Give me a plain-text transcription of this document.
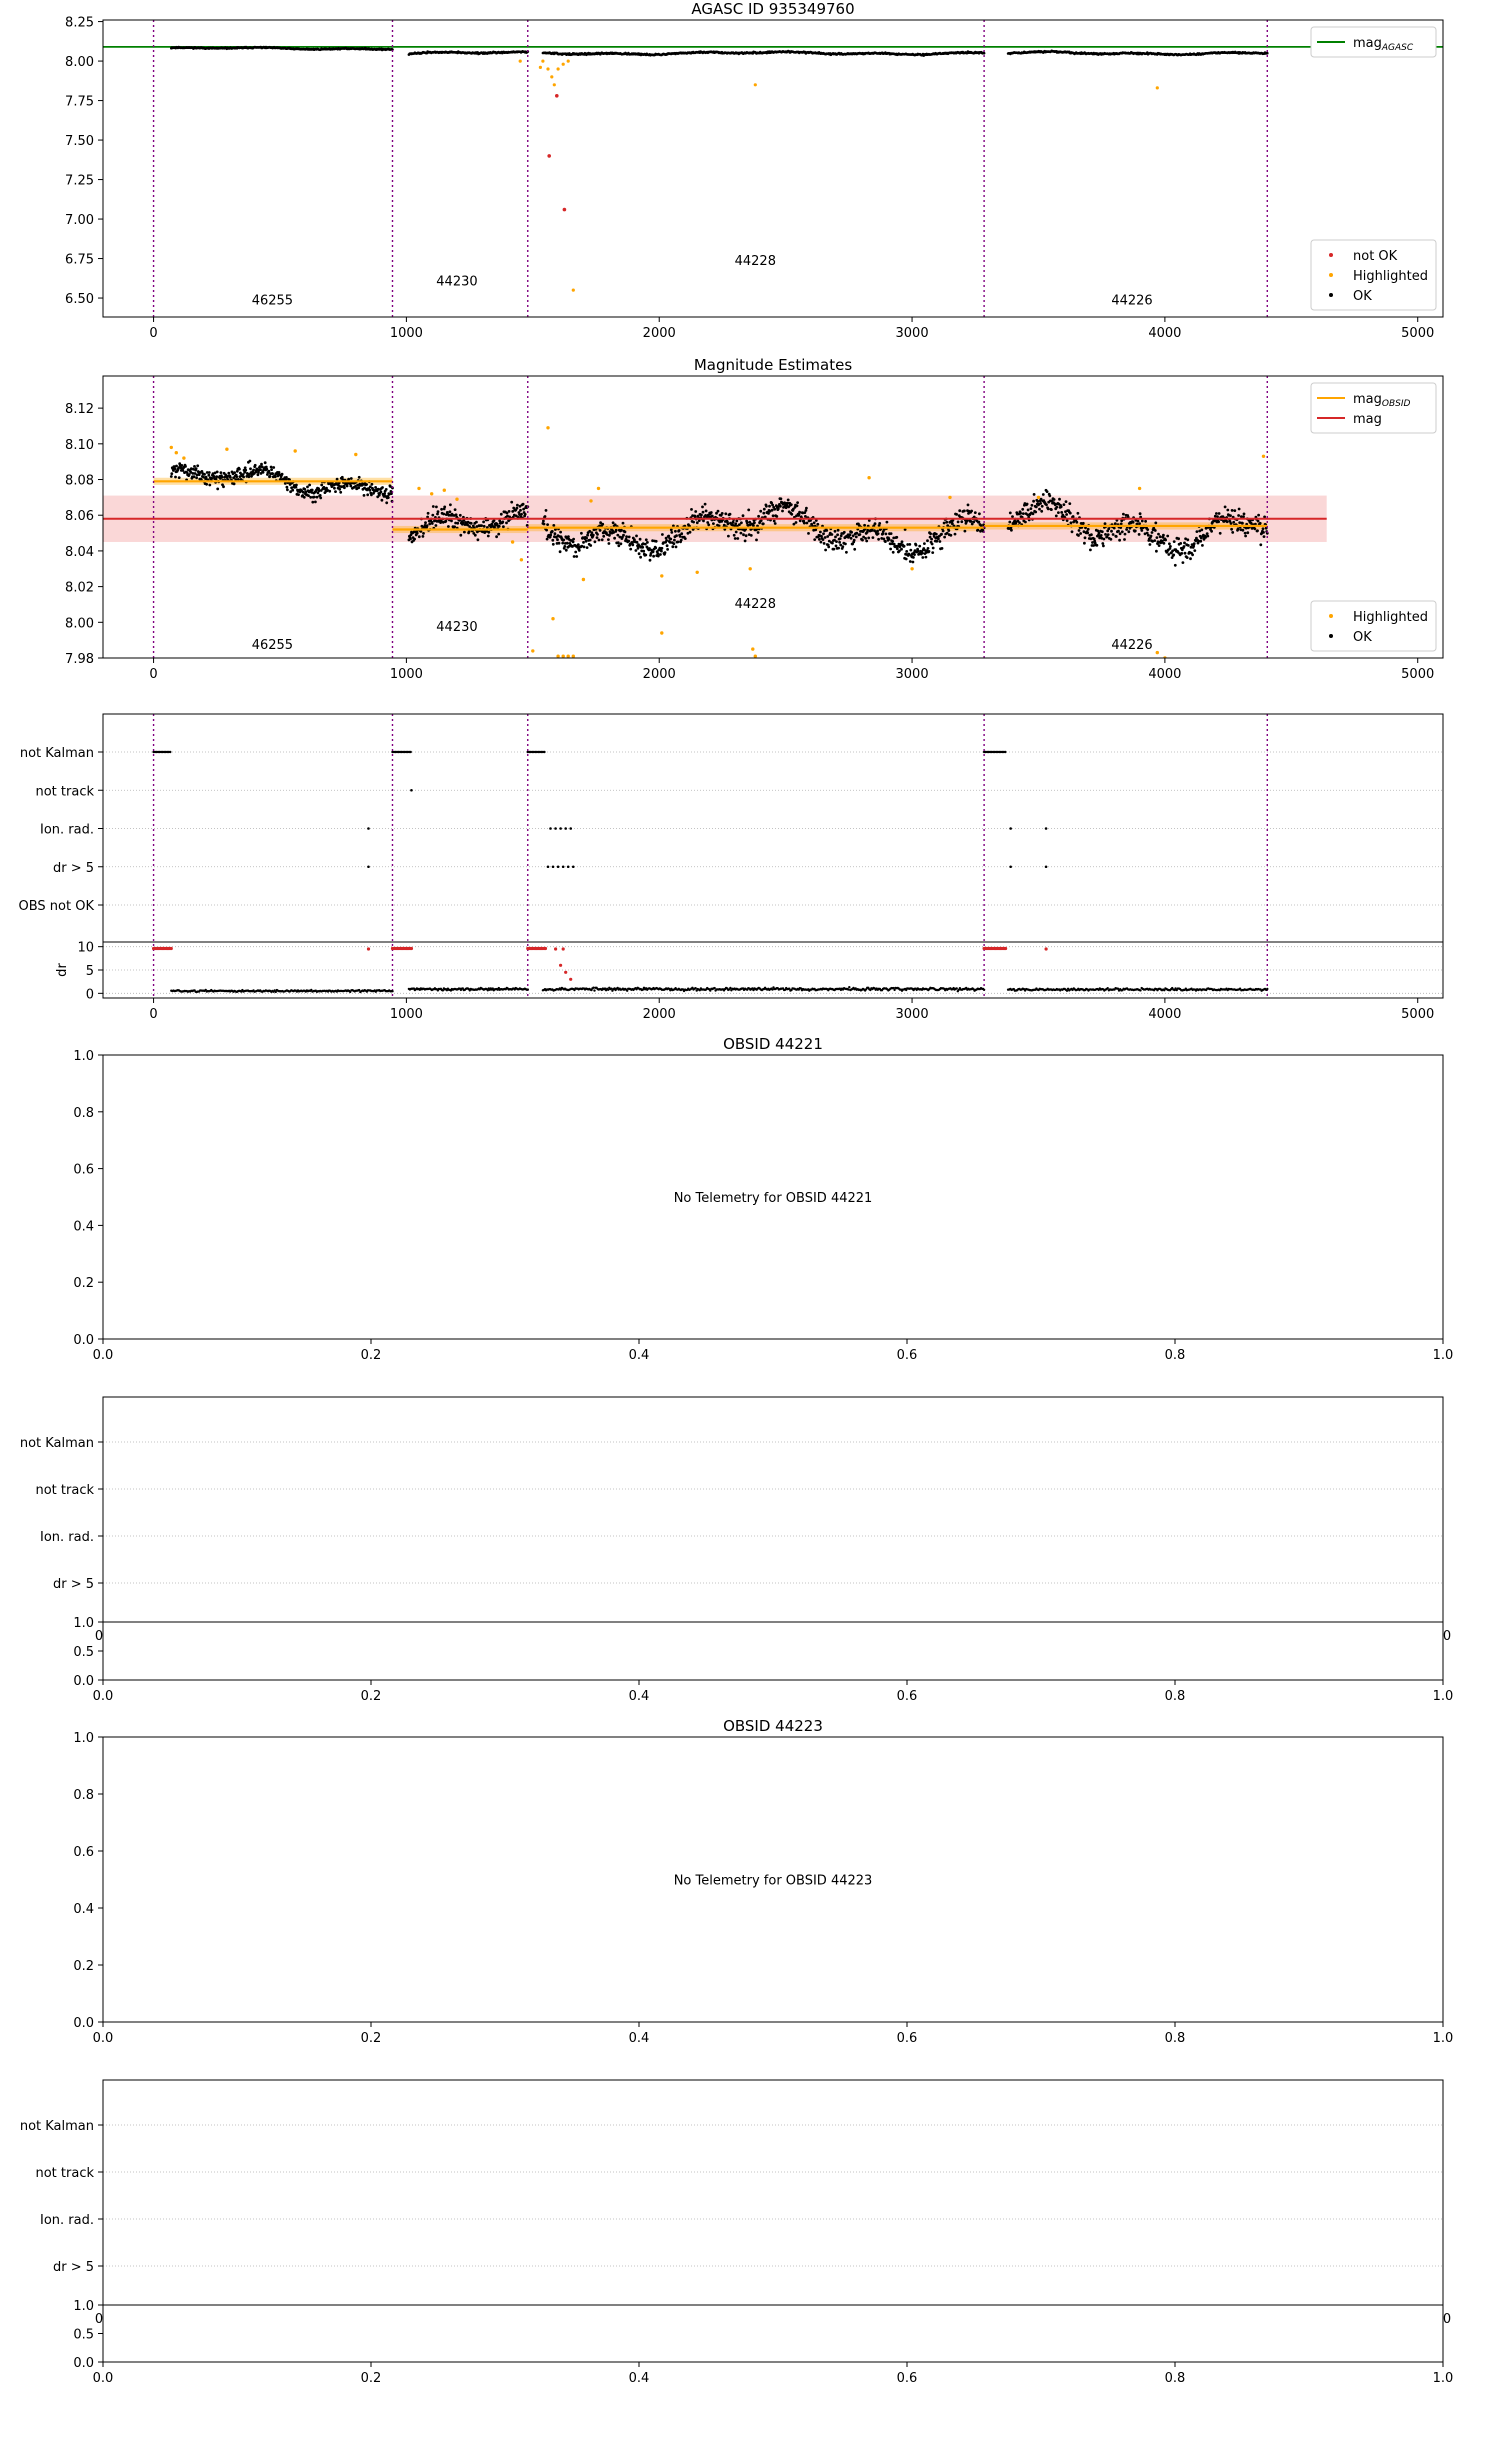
AGASC ID 935349760
46255
44230
44228
44226
0	1000	2000	3000	4000	5000
6.50
6.75
7.00
7.25
7.50
7.75
8.00
8.25
mag$_{AGASC}$
not OK
Highlighted
OK
Magnitude Estimates
46255
44230
44228
44226
0	1000	2000	3000	4000	5000
7.98
8.00
8.02
8.04
8.06
8.08
8.10
8.12
mag$_{OBSID}$
mag
Highlighted
OK
not Kalman
not track
Ion. rad.
dr > 5
OBS not OK
0
5
10
dr
0	1000	2000	3000	4000	5000
OBSID 44221
No Telemetry for OBSID 44221
0.0	0.2	0.4	0.6	0.8	1.0
0.0
0.2
0.4
0.6
0.8
1.0
OBSID 44223
No Telemetry for OBSID 44223
0.0	0.2	0.4	0.6	0.8	1.0
0.0
0.2
0.4
0.6
0.8
1.0
not Kalman
not track
Ion. rad.
dr > 5
0	0
0.0
0.5
1.0
0.0	0.2	0.4	0.6	0.8	1.0
not Kalman
not track
Ion. rad.
dr > 5
0	0
0.0
0.5
1.0
0.0	0.2	0.4	0.6	0.8	1.0
